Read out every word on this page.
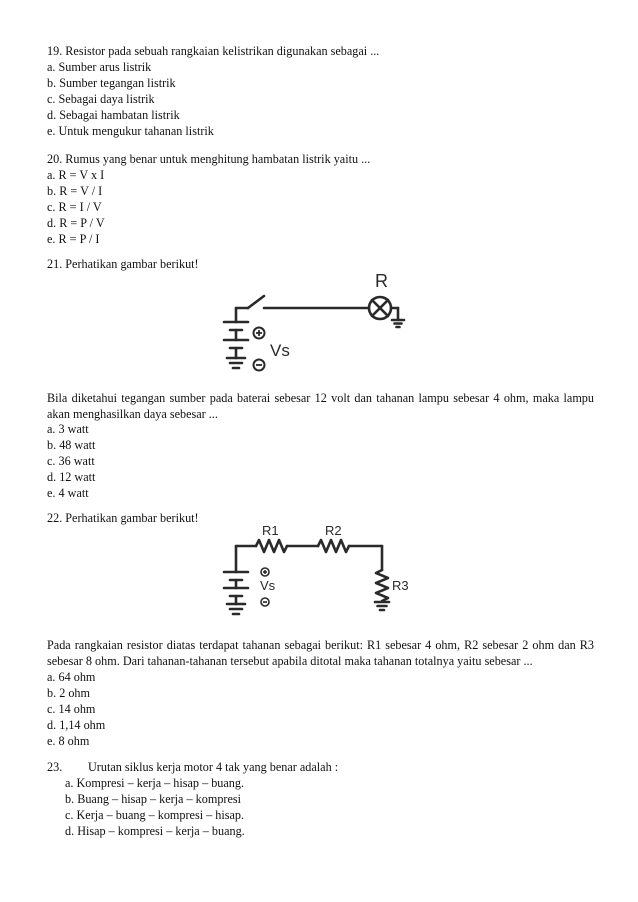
19. Resistor pada sebuah rangkaian kelistrikan digunakan sebagai ...
a. Sumber arus listrik
b. Sumber tegangan listrik
c. Sebagai daya listrik
d. Sebagai hambatan listrik
e. Untuk mengukur tahanan listrik
20. Rumus yang benar untuk menghitung hambatan listrik yaitu ...
a. R = V x I
b. R = V / I
c. R = I / V
d. R = P / V
e. R = P / I
21. Perhatikan gambar berikut!
R
Vs
Bila diketahui tegangan sumber pada baterai sebesar 12 volt dan tahanan lampu sebesar 4 ohm, maka lampu akan menghasilkan daya sebesar ...
a. 3 watt
b. 48 watt
c. 36 watt
d. 12 watt
e. 4 watt
22. Perhatikan gambar berikut!
R1	R2
R3
Vs
Pada rangkaian resistor diatas terdapat tahanan sebagai berikut: R1 sebesar 4 ohm, R2 sebesar 2 ohm dan R3 sebesar 8 ohm. Dari tahanan-tahanan tersebut apabila ditotal maka tahanan totalnya yaitu sebesar ...
a. 64 ohm
b. 2 ohm
c. 14 ohm
d. 1,14 ohm
e. 8 ohm
23. Urutan siklus kerja motor 4 tak yang benar adalah :
a. Kompresi – kerja – hisap – buang.
b. Buang – hisap – kerja – kompresi
c. Kerja – buang – kompresi – hisap.
d. Hisap – kompresi – kerja – buang.
